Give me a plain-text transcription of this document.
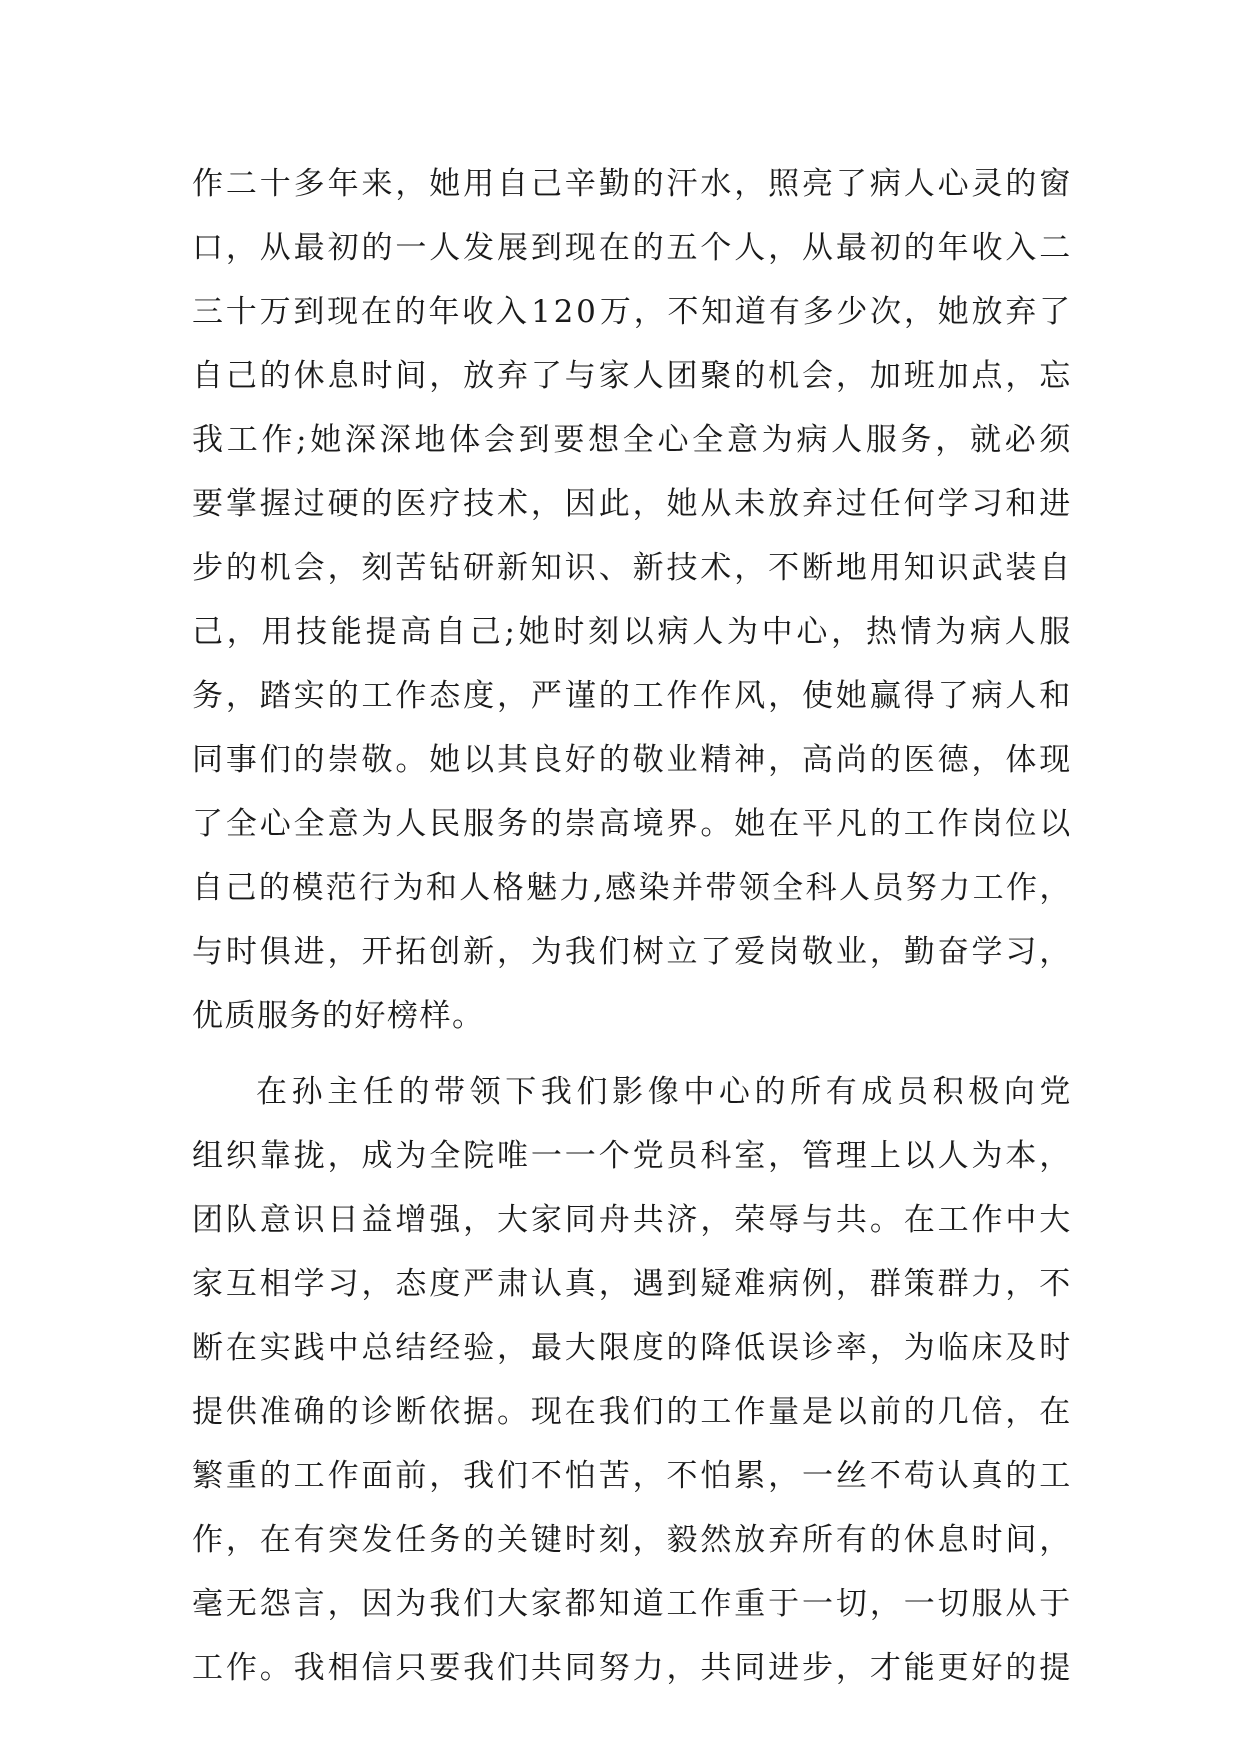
作 二 十 多 年 来 ， 她 用 自 己 辛 勤 的 汗 水 ， 照 亮 了 病 人 心 灵 的 窗
口 ， 从 最 初 的 一 人 发 展 到 现 在 的 五 个 人 ， 从 最 初 的 年 收 入 二
三 十 万 到 现 在 的 年 收 入 1 2 0 万 ， 不 知 道 有 多 少 次 ， 她 放 弃 了
自 己 的 休 息 时 间 ， 放 弃 了 与 家 人 团 聚 的 机 会 ， 加 班 加 点 ， 忘
我 工 作 ; 她 深 深 地 体 会 到 要 想 全 心 全 意 为 病 人 服 务 ， 就 必 须
要 掌 握 过 硬 的 医 疗 技 术 ， 因 此 ， 她 从 未 放 弃 过 任 何 学 习 和 进
步 的 机 会 ， 刻 苦 钻 研 新 知 识 、 新 技 术 ， 不 断 地 用 知 识 武 装 自
己 ， 用 技 能 提 高 自 己 ; 她 时 刻 以 病 人 为 中 心 ， 热 情 为 病 人 服
务 ， 踏 实 的 工 作 态 度 ， 严 谨 的 工 作 作 风 ， 使 她 赢 得 了 病 人 和
同 事 们 的 崇 敬 。 她 以 其 良 好 的 敬 业 精 神 ， 高 尚 的 医 德 ， 体 现
了 全 心 全 意 为 人 民 服 务 的 崇 高 境 界 。 她 在 平 凡 的 工 作 岗 位 以
自 己 的 模 范 行 为 和 人 格 魅 力 , 感 染 并 带 领 全 科 人 员 努 力 工 作 ，
与 时 俱 进 ， 开 拓 创 新 ， 为 我 们 树 立 了 爱 岗 敬 业 ， 勤 奋 学 习 ，
优质服务的好榜样。
在 孙 主 任 的 带 领 下 我 们 影 像 中 心 的 所 有 成 员 积 极 向 党
组 织 靠 拢 ， 成 为 全 院 唯 一 一 个 党 员 科 室 ， 管 理 上 以 人 为 本 ，
团 队 意 识 日 益 增 强 ， 大 家 同 舟 共 济 ， 荣 辱 与 共 。 在 工 作 中 大
家 互 相 学 习 ， 态 度 严 肃 认 真 ， 遇 到 疑 难 病 例 ， 群 策 群 力 ， 不
断 在 实 践 中 总 结 经 验 ， 最 大 限 度 的 降 低 误 诊 率 ， 为 临 床 及 时
提 供 准 确 的 诊 断 依 据 。 现 在 我 们 的 工 作 量 是 以 前 的 几 倍 ， 在
繁 重 的 工 作 面 前 ， 我 们 不 怕 苦 ， 不 怕 累 ， 一 丝 不 苟 认 真 的 工
作 ， 在 有 突 发 任 务 的 关 键 时 刻 ， 毅 然 放 弃 所 有 的 休 息 时 间 ，
毫 无 怨 言 ， 因 为 我 们 大 家 都 知 道 工 作 重 于 一 切 ， 一 切 服 从 于
工 作 。 我 相 信 只 要 我 们 共 同 努 力 ， 共 同 进 步 ， 才 能 更 好 的 提
